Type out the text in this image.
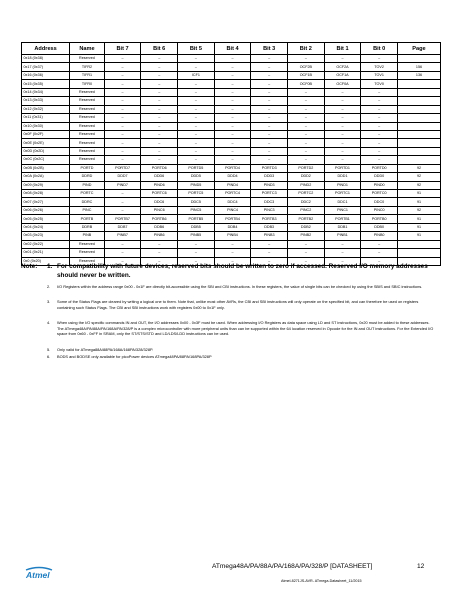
Address	Name	Bit 7	Bit 6	Bit 5	Bit 4	Bit 3	Bit 2	Bit 1	Bit 0	Page
0x18 (0x38)	Reserved	–	–	–	–	–	–	–	–	
0x17 (0x37)	TIFR2	–	–	–	–	–	OCF2B	OCF2A	TOV2	156
0x16 (0x36)	TIFR1	–	–	ICF1	–	–	OCF1B	OCF1A	TOV1	136
0x15 (0x35)	TIFR0	–	–	–	–	–	OCF0B	OCF0A	TOV0	
0x14 (0x34)	Reserved	–	–	–	–	–	–	–	–	
0x13 (0x33)	Reserved	–	–	–	–	–	–	–	–	
0x12 (0x32)	Reserved	–	–	–	–	–	–	–	–	
0x11 (0x31)	Reserved	–	–	–	–	–	–	–	–	
0x10 (0x30)	Reserved	–	–	–	–	–	–	–	–	
0x0F (0x2F)	Reserved	–	–	–	–	–	–	–	–	
0x0E (0x2E)	Reserved	–	–	–	–	–	–	–	–	
0x0D (0x2D)	Reserved	–	–	–	–	–	–	–	–	
0x0C (0x2C)	Reserved	–	–	–	–	–	–	–	–	
0x0B (0x2B)	PORTD	PORTD7	PORTD6	PORTD5	PORTD4	PORTD3	PORTD2	PORTD1	PORTD0	92
0x0A (0x2A)	DDRD	DDD7	DDD6	DDD5	DDD4	DDD3	DDD2	DDD1	DDD0	92
0x09 (0x29)	PIND	PIND7	PIND6	PIND5	PIND4	PIND3	PIND2	PIND1	PIND0	92
0x08 (0x28)	PORTC	–	PORTC6	PORTC5	PORTC4	PORTC3	PORTC2	PORTC1	PORTC0	91
0x07 (0x27)	DDRC	–	DDC6	DDC5	DDC4	DDC3	DDC2	DDC1	DDC0	91
0x06 (0x26)	PINC	–	PINC6	PINC5	PINC4	PINC3	PINC2	PINC1	PINC0	92
0x05 (0x25)	PORTB	PORTB7	PORTB6	PORTB5	PORTB4	PORTB3	PORTB2	PORTB1	PORTB0	91
0x04 (0x24)	DDRB	DDB7	DDB6	DDB5	DDB4	DDB3	DDB2	DDB1	DDB0	91
0x03 (0x23)	PINB	PINB7	PINB6	PINB5	PINB4	PINB3	PINB2	PINB1	PINB0	91
0x02 (0x22)	Reserved	–	–	–	–	–	–	–	–	
0x01 (0x21)	Reserved	–	–	–	–	–	–	–	–	
0x0 (0x20)	Reserved	–	–	–	–	–	–	–	–	
Note: 1. For compatibility with future devices, reserved bits should be written to zero if accessed. Reserved I/O memory addresses should never be written.
2.	I/O Registers within the address range 0x00 - 0x1F are directly bit-accessible using the SBI and CBI instructions. In these registers, the value of single bits can be checked by using the SBIS and SBIC instructions.
3.	Some of the Status Flags are cleared by writing a logical one to them. Note that, unlike most other AVRs, the CBI and SBI instructions will only operate on the specified bit, and can therefore be used on registers containing such Status Flags. The CBI and SBI instructions work with registers 0x00 to 0x1F only.
4.	When using the I/O specific commands IN and OUT, the I/O addresses 0x00 - 0x3F must be used. When addressing I/O Registers as data space using LD and ST instructions, 0x20 must be added to these addresses. The ATmega48A/PA/88A/PA/168A/PA/328/P is a complex microcontroller with more peripheral units than can be supported within the 64 location reserved in Opcode for the IN and OUT instructions. For the Extended I/O space from 0x60 - 0xFF in SRAM, only the ST/STS/STD and LD/LDS/LDD instructions can be used.
5.	Only valid for ATmega88A/88PA/168A/168PA/328/328P.
6.	BODS and BODSE only available for picoPower devices ATmega48PA/88PA/168PA/328P
Atmel
ATmega48A/PA/88A/PA/168A/PA/328/P [DATASHEET]	12
Atmel-8271JS-AVR- ATmega-Datasheet_11/2015
